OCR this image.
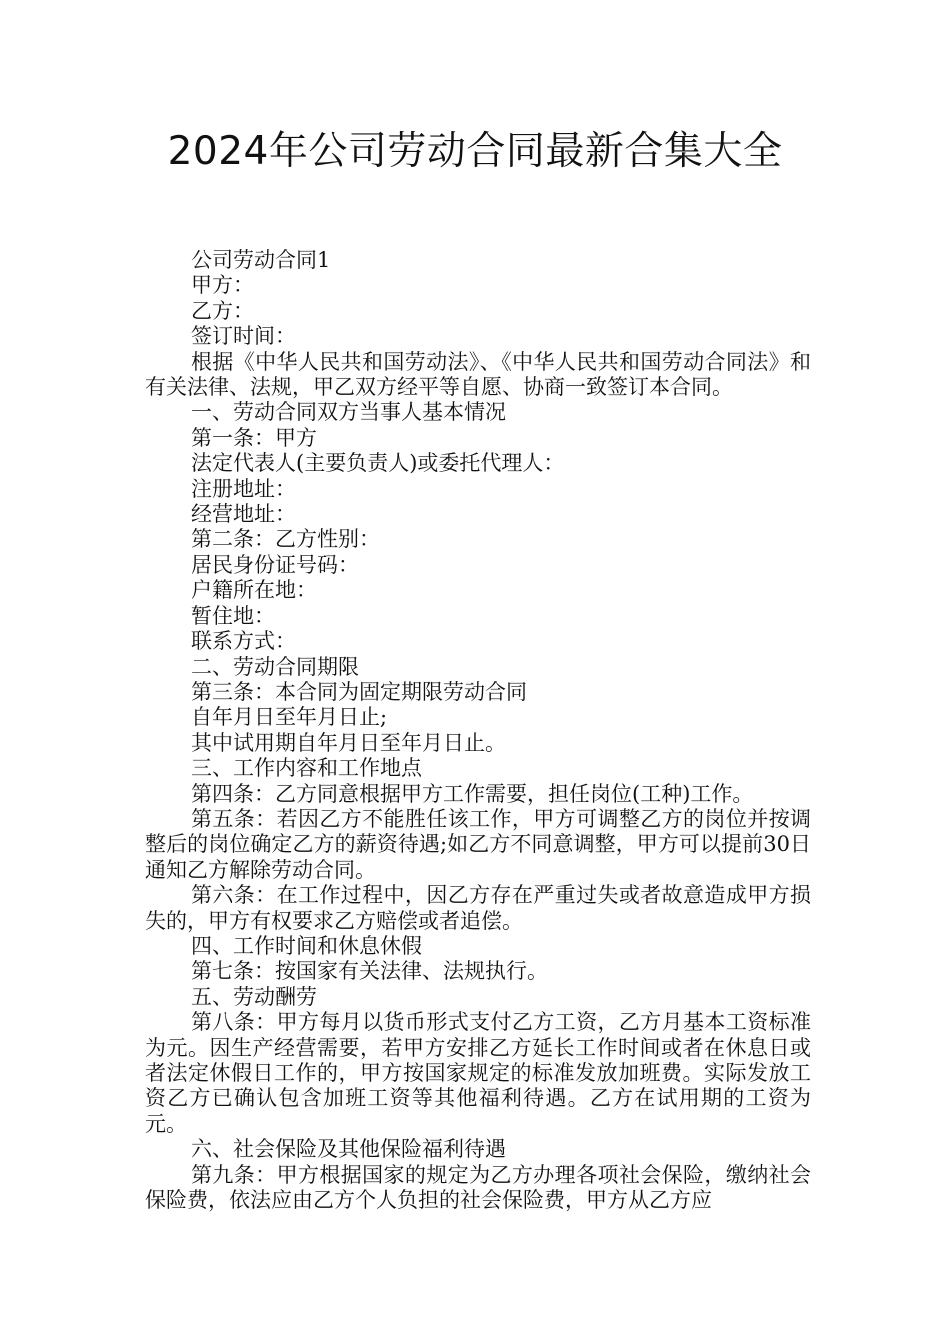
2024年公司劳动合同最新合集大全

公司劳动合同1

甲方：

乙方：

签订时间：

根据《中华人民共和国劳动法》、《中华人民共和国劳动合同法》和有关法律、法规，甲乙双方经平等自愿、协商一致签订本合同。

一、劳动合同双方当事人基本情况

第一条：甲方

法定代表人(主要负责人)或委托代理人：

注册地址：

经营地址：

第二条：乙方性别：

居民身份证号码：

户籍所在地：

暂住地：

联系方式：

二、劳动合同期限

第三条：本合同为固定期限劳动合同

自年月日至年月日止;

其中试用期自年月日至年月日止。

三、工作内容和工作地点

第四条：乙方同意根据甲方工作需要，担任岗位(工种)工作。

第五条：若因乙方不能胜任该工作，甲方可调整乙方的岗位并按调整后的岗位确定乙方的薪资待遇;如乙方不同意调整，甲方可以提前30日通知乙方解除劳动合同。

第六条：在工作过程中，因乙方存在严重过失或者故意造成甲方损失的，甲方有权要求乙方赔偿或者追偿。

四、工作时间和休息休假

第七条：按国家有关法律、法规执行。

五、劳动酬劳

第八条：甲方每月以货币形式支付乙方工资，乙方月基本工资标准为元。因生产经营需要，若甲方安排乙方延长工作时间或者在休息日或者法定休假日工作的，甲方按国家规定的标准发放加班费。实际发放工资乙方已确认包含加班工资等其他福利待遇。乙方在试用期的工资为元。

六、社会保险及其他保险福利待遇

第九条：甲方根据国家的规定为乙方办理各项社会保险，缴纳社会保险费，依法应由乙方个人负担的社会保险费，甲方从乙方应
